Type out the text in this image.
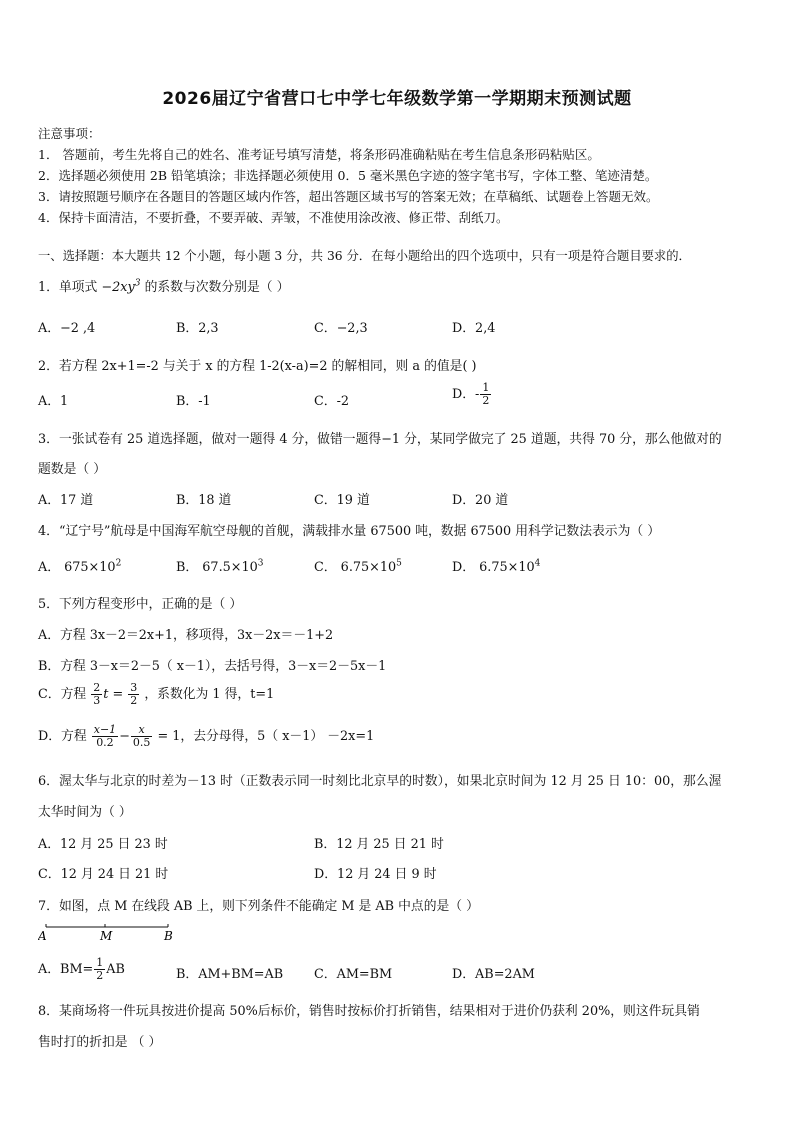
2026届辽宁省营口七中学七年级数学第一学期期末预测试题
注意事项：
1． 答题前，考生先将自己的姓名、准考证号填写清楚，将条形码准确粘贴在考生信息条形码粘贴区。
2．选择题必须使用 2B 铅笔填涂；非选择题必须使用 0．5 毫米黑色字迹的签字笔书写，字体工整、笔迹清楚。
3．请按照题号顺序在各题目的答题区域内作答，超出答题区域书写的答案无效；在草稿纸、试题卷上答题无效。
4．保持卡面清洁，不要折叠，不要弄破、弄皱，不准使用涂改液、修正带、刮纸刀。
一、选择题：本大题共 12 个小题，每小题 3 分，共 36 分．在每小题给出的四个选项中，只有一项是符合题目要求的．
1．单项式 $-2xy^3$ 的系数与次数分别是（ ）
A．−2 ,4	B．2,3	C．−2,3	D．2,4
2．若方程 2x+1=-2 与关于 x 的方程 1-2(x-a)=2 的解相同，则 a 的值是( )
A．1	B．-1	C．-2	D．- $\frac{1}{2}$
3．一张试卷有 25 道选择题，做对一题得 4 分，做错一题得−1 分，某同学做完了 25 道题，共得 70 分，那么他做对的
题数是（ ）
A．17 道	B．18 道	C．19 道	D．20 道
4．“辽宁号”航母是中国海军航空母舰的首舰，满载排水量 67500 吨，数据 67500 用科学记数法表示为（ ）
A． $675\times 10^2$	B． $67.5\times 10^3$	C． $6.75\times 10^5$	D． $6.75\times 10^4$
5．下列方程变形中，正确的是（ ）
A．方程 3x－2＝2x+1，移项得，3x－2x＝－1+2
B．方程 3－x＝2－5（ x－1），去括号得，3－x＝2－5x－1
C．方程 $\frac{2}{3}$ $t = \frac{3}{2}$ ，系数化为 1 得，t=1
D．方程 $\frac{x-1}{0.2} - \frac{x}{0.5} = 1$，去分母得，5（ x－1） －2x=1
6．渥太华与北京的时差为－13 时（正数表示同一时刻比北京早的时数），如果北京时间为 12 月 25 日 10：00，那么渥
太华时间为（ ）
A．12 月 25 日 23 时	B．12 月 25 日 21 时
C．12 月 24 日 21 时	D．12 月 24 日 9 时
7．如图，点 M 在线段 AB 上，则下列条件不能确定 M 是 AB 中点的是（ ）
A	M	B
A．$BM= \frac{1}{2}$ AB	B．AM+BM=AB C．AM=BM	D．AB=2AM
8．某商场将一件玩具按进价提高 50%后标价，销售时按标价打折销售，结果相对于进价仍获利 20%，则这件玩具销
售时打的折扣是 （ ）
